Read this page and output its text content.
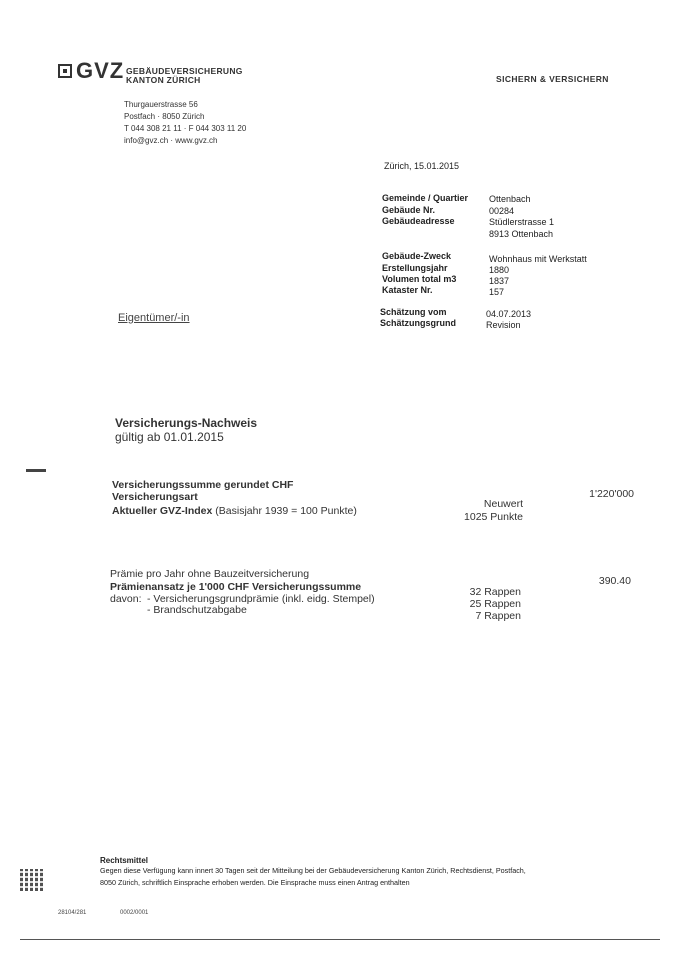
GVZ GEBÄUDEVERSICHERUNG
KANTON ZÜRICH	SICHERN & VERSICHERN
Thurgauerstrasse 56
Postfach · 8050 Zürich
T 044 308 21 11 · F 044 303 11 20
info@gvz.ch · www.gvz.ch
Zürich, 15.01.2015
Gemeinde / Quartier Ottenbach
Gebäude Nr.	00284
Gebäudeadresse	Stüdlerstrasse 1
8913 Ottenbach
Gebäude-Zweck	Wohnhaus mit Werkstatt
Erstellungsjahr	1880
Volumen total m3	1837
Kataster Nr.	157
Eigentümer/-in	Schätzung vom	04.07.2013
Schätzungsgrund	Revision
Versicherungs-Nachweis
gültig ab 01.01.2015
Versicherungssumme gerundet CHF
1'220'000
Versicherungsart
Neuwert
Aktueller GVZ-Index (Basisjahr 1939 = 100 Punkte)	1025 Punkte
Prämie pro Jahr ohne Bauzeitversicherung
390.40
Prämienansatz je 1'000 CHF Versicherungssumme	32 Rappen
davon: - Versicherungsgrundprämie (inkl. eidg. Stempel)	25 Rappen
- Brandschutzabgabe	7 Rappen
Rechtsmittel
Gegen diese Verfügung kann innert 30 Tagen seit der Mitteilung bei der Gebäudeversicherung Kanton Zürich, Rechtsdienst, Postfach,
8050 Zürich, schriftlich Einsprache erhoben werden. Die Einsprache muss einen Antrag enthalten
28104/281	0002/0001
